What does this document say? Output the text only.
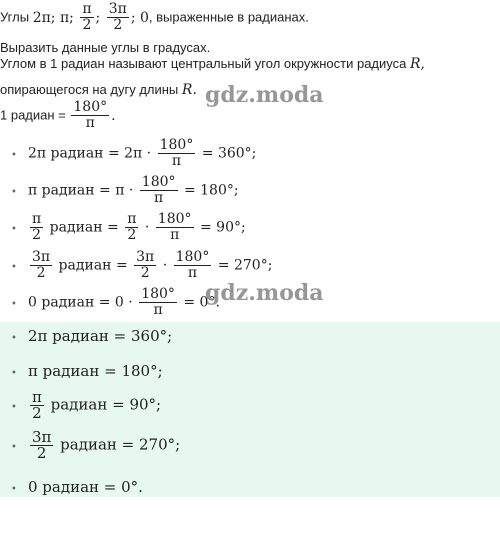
Углы 2π; π; $\frac{\pi}{2}$ ; $\frac{3\pi}{2}$ ; 0, выраженные в радианах.
Выразить данные углы в градусах.
Углом в 1 радиан называют центральный угол окружности радиуса R,
опирающегося на дугу длины R.
1 радиан = $\frac{180^\circ}{\pi}$ .
• 2π радиан = $2\pi \cdot \frac{180^\circ}{\pi} = 360^\circ$;
• π радиан = $\pi \cdot \frac{180^\circ}{\pi} = 180^\circ$;
• $\frac{\pi}{2}$ радиан = $\frac{\pi}{2} \cdot \frac{180^\circ}{\pi} = 90^\circ$;
• $\frac{3\pi}{2}$ радиан = $\frac{3\pi}{2} \cdot \frac{180^\circ}{\pi} = 270^\circ$;
• 0 радиан = $0 \cdot \frac{180^\circ}{\pi} = 0^\circ$.
gdz.moda
gdz.moda
• 2π радиан = 360°;
• π радиан = 180°;
• $\frac{\pi}{2}$ радиан = 90°;
• $\frac{3\pi}{2}$ радиан = 270°;
• 0 радиан = 0°.
